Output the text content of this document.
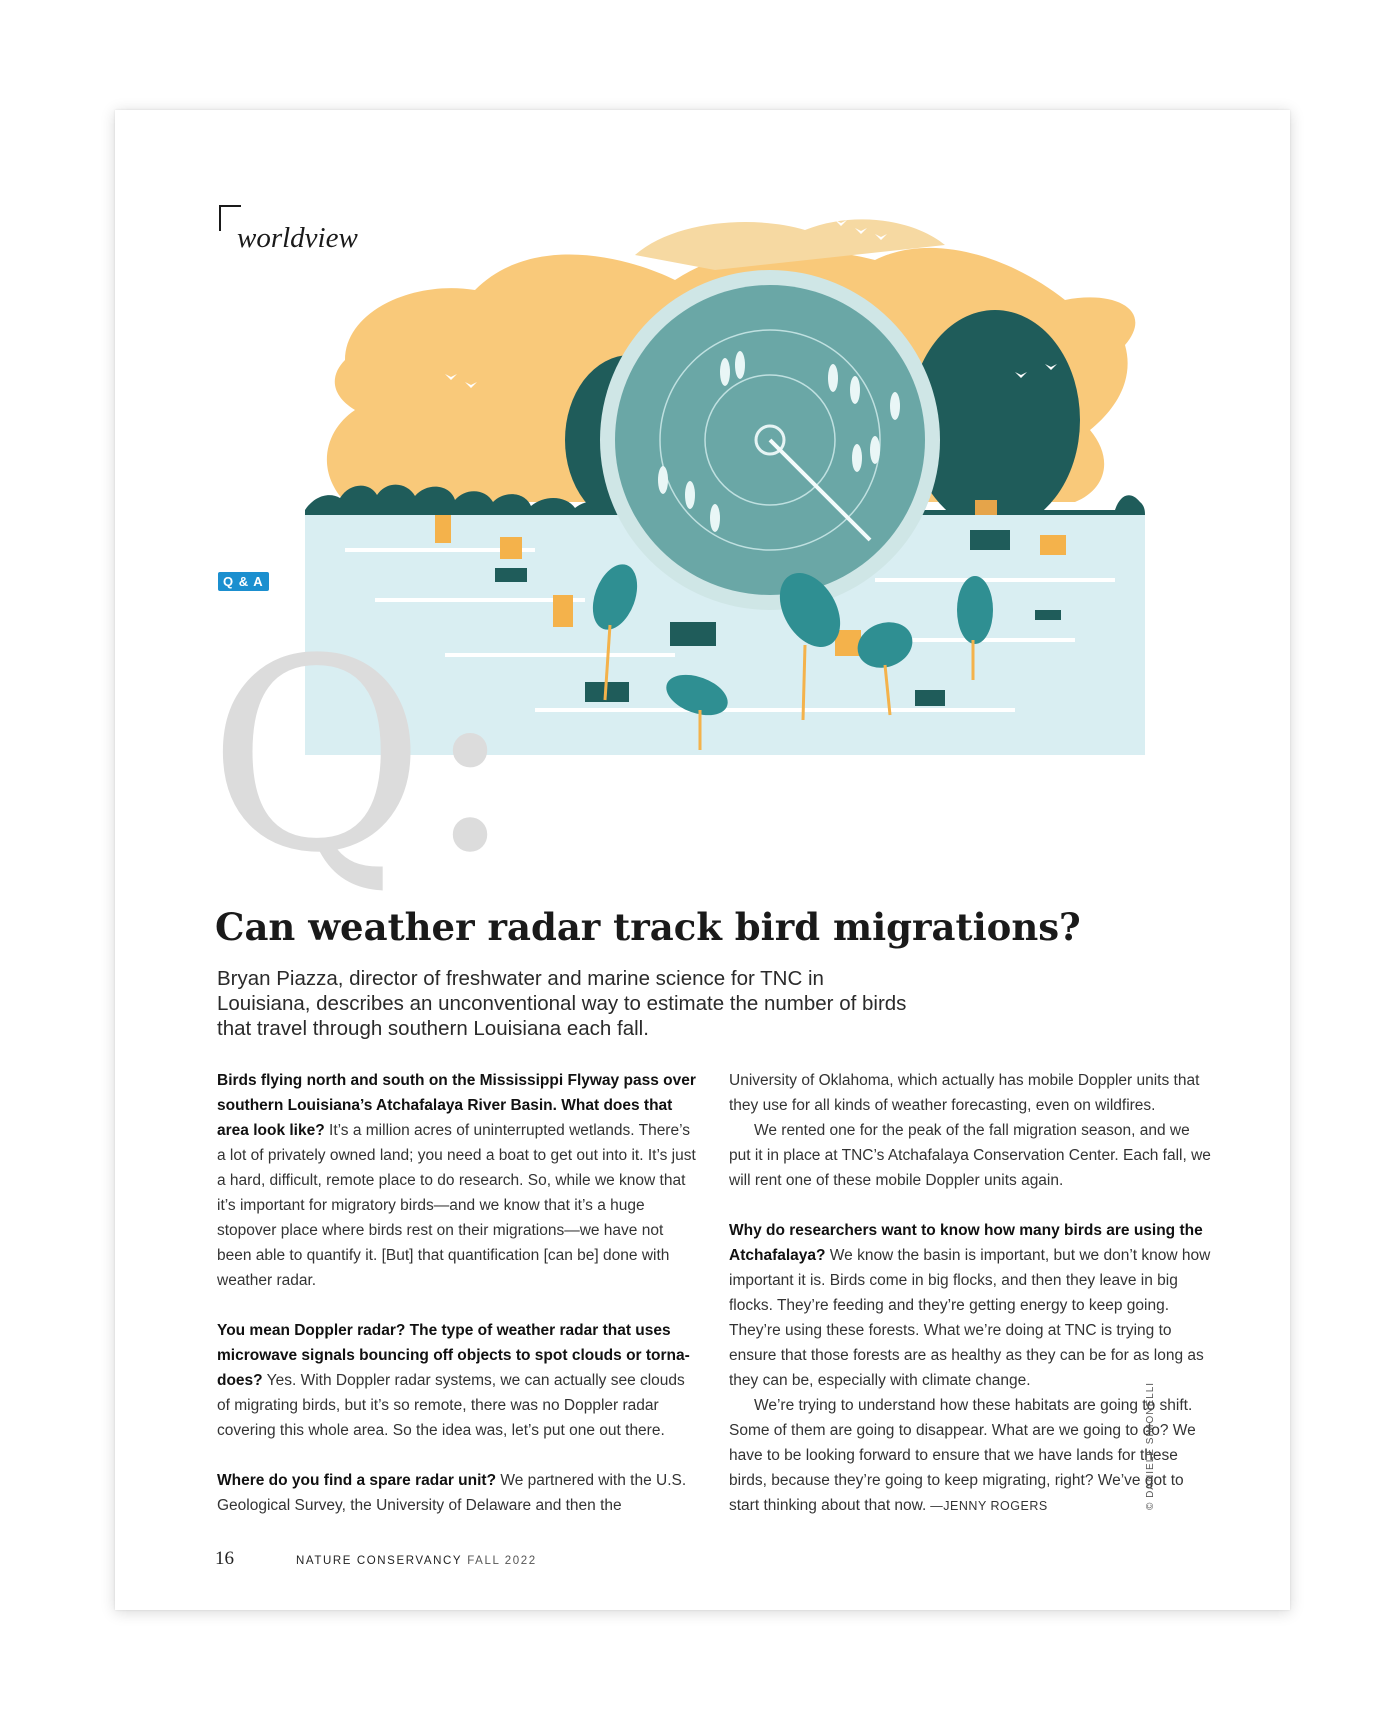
worldview
Q:
Q & A
Can weather radar track bird migrations?

Bryan Piazza, director of freshwater and marine science for TNC in Louisiana, describes an unconventional way to estimate the number of birds that travel through southern Louisiana each fall.

Birds flying north and south on the Mississippi Flyway pass over southern Louisiana’s Atchafalaya River Basin. What does that area look like? It’s a million acres of uninterrupted wetlands. There’s a lot of privately owned land; you need a boat to get out into it. It’s just a hard, difficult, remote place to do research. So, while we know that it’s important for migratory birds—and we know that it’s a huge stopover place where birds rest on their migrations—we have not been able to quantify it. [But] that quantification [can be] done with weather radar.

You mean Doppler radar? The type of weather radar that uses microwave signals bouncing off objects to spot clouds or torna-does? Yes. With Doppler radar systems, we can actually see clouds of migrating birds, but it’s so remote, there was no Doppler radar covering this whole area. So the idea was, let’s put one out there.

Where do you find a spare radar unit? We partnered with the U.S. Geological Survey, the University of Delaware and then the

University of Oklahoma, which actually has mobile Doppler units that they use for all kinds of weather forecasting, even on wildfires.

We rented one for the peak of the fall migration season, and we put it in place at TNC’s Atchafalaya Conservation Center. Each fall, we will rent one of these mobile Doppler units again.

Why do researchers want to know how many birds are using the Atchafalaya? We know the basin is important, but we don’t know how important it is. Birds come in big flocks, and then they leave in big flocks. They’re feeding and they’re getting energy to keep going. They’re using these forests. What we’re doing at TNC is trying to ensure that those forests are as healthy as they can be for as long as they can be, especially with climate change.

We’re trying to understand how these habitats are going to shift. Some of them are going to disappear. What are we going to do? We have to be looking forward to ensure that we have lands for these birds, because they’re going to keep migrating, right? We’ve got to start thinking about that now. —JENNY ROGERS	© DANIELE SIMONELLI
16	NATURE CONSERVANCY FALL 2022
